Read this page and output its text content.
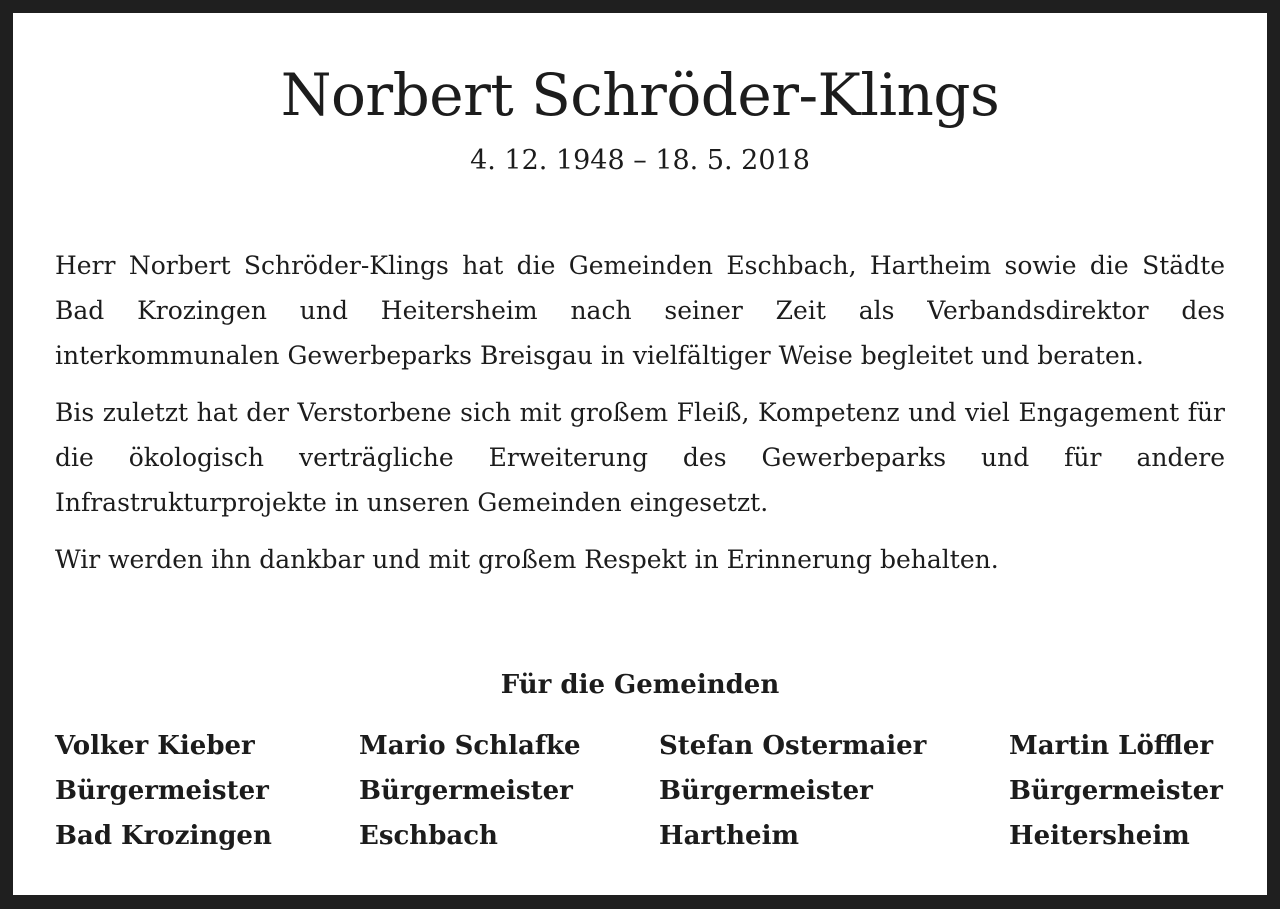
Norbert Schröder-Klings
4. 12. 1948 – 18. 5. 2018

Herr Norbert Schröder-Klings hat die Gemeinden Eschbach, Hartheim sowie die Städte Bad Krozingen und Heitersheim nach seiner Zeit als Verbandsdirektor des interkommunalen Gewerbeparks Breisgau in vielfältiger Weise begleitet und beraten.

Bis zuletzt hat der Verstorbene sich mit großem Fleiß, Kompetenz und viel Engagement für die ökologisch verträgliche Erweiterung des Gewerbeparks und für andere Infrastrukturprojekte in unseren Gemeinden eingesetzt.

Wir werden ihn dankbar und mit großem Respekt in Erinnerung behalten.

Für die Gemeinden
Volker Kieber
Bürgermeister
Bad Krozingen
Mario Schlafke
Bürgermeister
Eschbach
Stefan Ostermaier
Bürgermeister
Hartheim
Martin Löffler
Bürgermeister
Heitersheim
